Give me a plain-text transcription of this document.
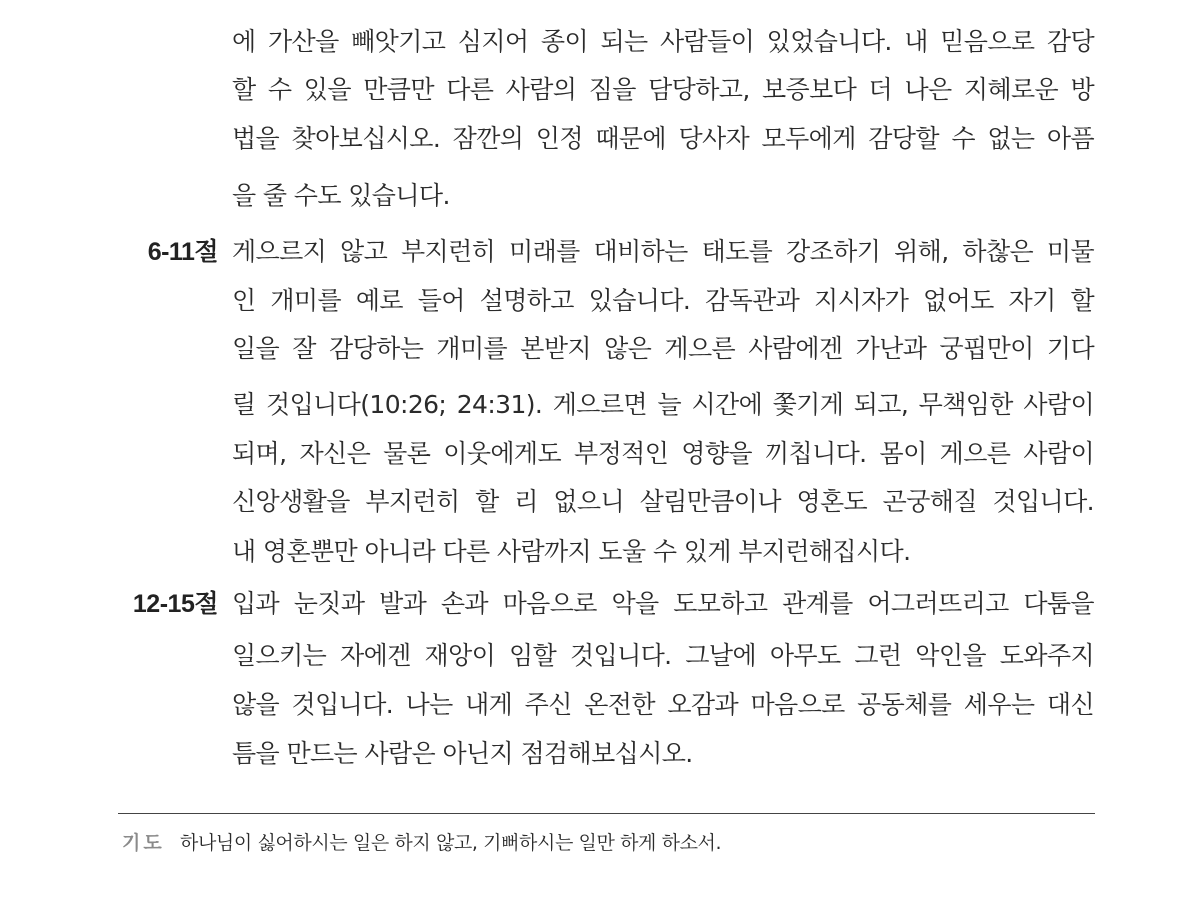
에 가산을 빼앗기고 심지어 종이 되는 사람들이 있었습니다. 내 믿음으로 감당
할 수 있을 만큼만 다른 사람의 짐을 담당하고, 보증보다 더 나은 지혜로운 방
법을 찾아보십시오. 잠깐의 인정 때문에 당사자 모두에게 감당할 수 없는 아픔
을 줄 수도 있습니다.
6-11절 게으르지 않고 부지런히 미래를 대비하는 태도를 강조하기 위해, 하찮은 미물
인 개미를 예로 들어 설명하고 있습니다. 감독관과 지시자가 없어도 자기 할
일을 잘 감당하는 개미를 본받지 않은 게으른 사람에겐 가난과 궁핍만이 기다
릴 것입니다(10:26; 24:31). 게으르면 늘 시간에 쫓기게 되고, 무책임한 사람이
되며, 자신은 물론 이웃에게도 부정적인 영향을 끼칩니다. 몸이 게으른 사람이
신앙생활을 부지런히 할 리 없으니 살림만큼이나 영혼도 곤궁해질 것입니다.
내 영혼뿐만 아니라 다른 사람까지 도울 수 있게 부지런해집시다.
12-15절 입과 눈짓과 발과 손과 마음으로 악을 도모하고 관계를 어그러뜨리고 다툼을
일으키는 자에겐 재앙이 임할 것입니다. 그날에 아무도 그런 악인을 도와주지
않을 것입니다. 나는 내게 주신 온전한 오감과 마음으로 공동체를 세우는 대신
틈을 만드는 사람은 아닌지 점검해보십시오.
기도 하나님이 싫어하시는 일은 하지 않고, 기뻐하시는 일만 하게 하소서.
